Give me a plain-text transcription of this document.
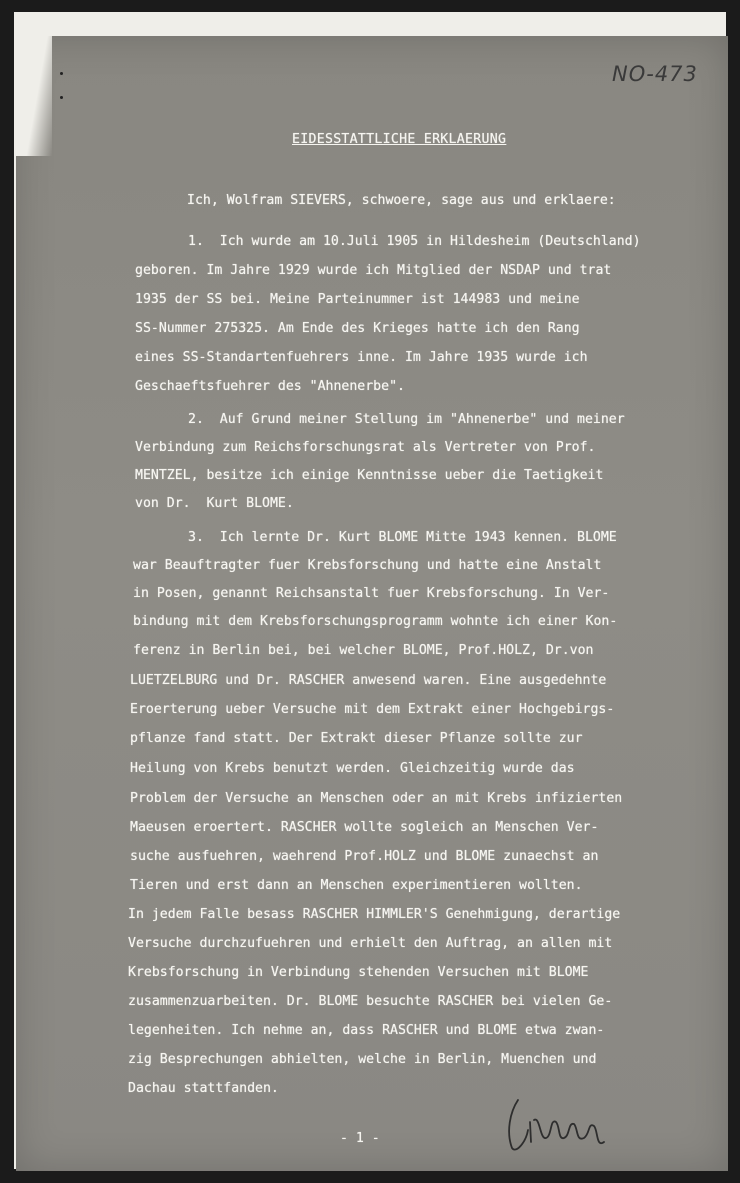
NO-473
EIDESSTATTLICHE ERKLAERUNG
Ich, Wolfram SIEVERS, schwoere, sage aus und erklaere:
1.  Ich wurde am 10.Juli 1905 in Hildesheim (Deutschland)
geboren. Im Jahre 1929 wurde ich Mitglied der NSDAP und trat
1935 der SS bei. Meine Parteinummer ist 144983 und meine
SS-Nummer 275325. Am Ende des Krieges hatte ich den Rang
eines SS-Standartenfuehrers inne. Im Jahre 1935 wurde ich
Geschaeftsfuehrer des "Ahnenerbe".
2.  Auf Grund meiner Stellung im "Ahnenerbe" und meiner
Verbindung zum Reichsforschungsrat als Vertreter von Prof.
MENTZEL, besitze ich einige Kenntnisse ueber die Taetigkeit
von Dr.  Kurt BLOME.
3.  Ich lernte Dr. Kurt BLOME Mitte 1943 kennen. BLOME
war Beauftragter fuer Krebsforschung und hatte eine Anstalt
in Posen, genannt Reichsanstalt fuer Krebsforschung. In Ver-
bindung mit dem Krebsforschungsprogramm wohnte ich einer Kon-
ferenz in Berlin bei, bei welcher BLOME, Prof.HOLZ, Dr.von
LUETZELBURG und Dr. RASCHER anwesend waren. Eine ausgedehnte
Eroerterung ueber Versuche mit dem Extrakt einer Hochgebirgs-
pflanze fand statt. Der Extrakt dieser Pflanze sollte zur
Heilung von Krebs benutzt werden. Gleichzeitig wurde das
Problem der Versuche an Menschen oder an mit Krebs infizierten
Maeusen eroertert. RASCHER wollte sogleich an Menschen Ver-
suche ausfuehren, waehrend Prof.HOLZ und BLOME zunaechst an
Tieren und erst dann an Menschen experimentieren wollten.
In jedem Falle besass RASCHER HIMMLER'S Genehmigung, derartige
Versuche durchzufuehren und erhielt den Auftrag, an allen mit
Krebsforschung in Verbindung stehenden Versuchen mit BLOME
zusammenzuarbeiten. Dr. BLOME besuchte RASCHER bei vielen Ge-
legenheiten. Ich nehme an, dass RASCHER und BLOME etwa zwan-
zig Besprechungen abhielten, welche in Berlin, Muenchen und
Dachau stattfanden.
- 1 -
